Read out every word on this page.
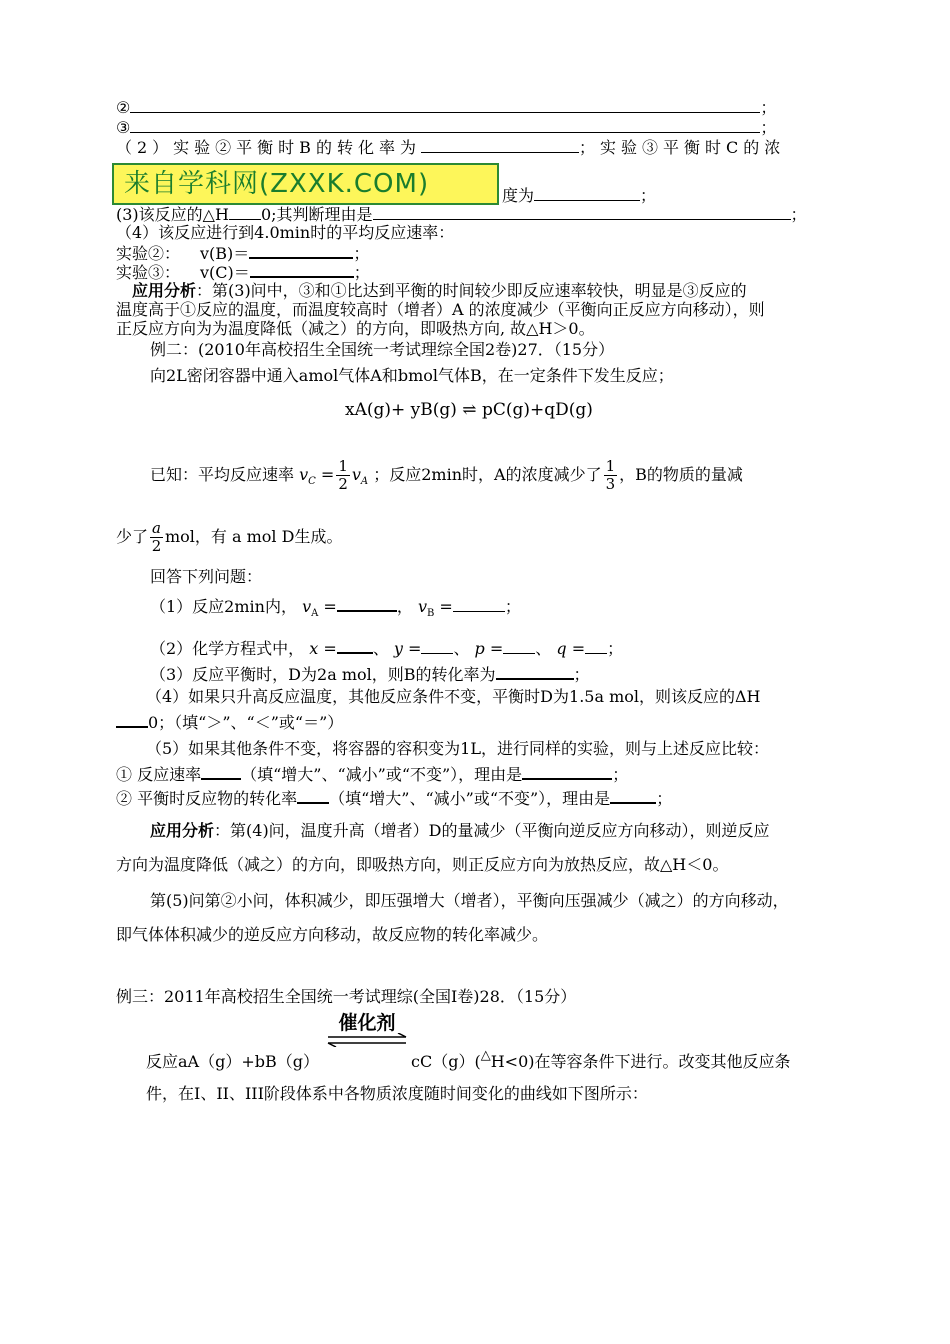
②	；
③	；
（2）实验②平衡时B的转化率为	；实验③平衡时C的浓
来自学科网(ZXXK.COM)	度为	；
(3)该反应的△H 0;其判断理由是	；
（4）该反应进行到4.0min时的平均反应速率：
实验②： v(B)＝	；
实验③： v(C)＝	；
应用分析：第(3)问中，③和①比达到平衡的时间较少即反应速率较快，明显是③反应的
温度高于①反应的温度，而温度较高时（增者）A 的浓度减少（平衡向正反应方向移动），则
正反应方向为为温度降低（减之）的方向，即吸热方向, 故△H＞0。
例二：(2010年高校招生全国统一考试理综全国2卷)27．（15分）
向2L密闭容器中通入amol气体A和bmol气体B，在一定条件下发生反应；
xA(g)+ yB(g) ⇌ pC(g)+qD(g)
已知：平均反应速率 $v_C = \frac{1}{2} v_A$ ；反应2min时，A的浓度减少了 $\frac{1}{3}$ ，B的物质的量减
少了 $\frac{a}{2}$ mol，有 a mol D生成。
回答下列问题：
（1）反应2min内， $v_A$ =	， $v_B$ =	；
（2）化学方程式中， x = 、 y = 、 p = 、 q = ；
（3）反应平衡时，D为2a mol，则B的转化率为	；
（4）如果只升高反应温度，其他反应条件不变，平衡时D为1.5a mol，则该反应的ΔH
0；（填“＞”、“＜”或“＝”）
（5）如果其他条件不变，将容器的容积变为1L，进行同样的实验，则与上述反应比较：
① 反应速率	（填“增大”、“减小”或“不变”），理由是	；
② 平衡时反应物的转化率 （填“增大”、“减小”或“不变”），理由是	；
应用分析：第(4)问，温度升高（增者）D的量减少（平衡向逆反应方向移动），则逆反应
方向为温度降低（减之）的方向，即吸热方向，则正反应方向为放热反应，故△H＜0。
第(5)问第②小问，体积减少，即压强增大（增者），平衡向压强减少（减之）的方向移动，
即气体体积减少的逆反应方向移动，故反应物的转化率减少。
例三：2011年高校招生全国统一考试理综(全国I卷)28．（15分）
催化剂
反应aA（g）+bB（g）	cC（g）(△H<0)在等容条件下进行。改变其他反应条
件，在I、II、III阶段体系中各物质浓度随时间变化的曲线如下图所示：
